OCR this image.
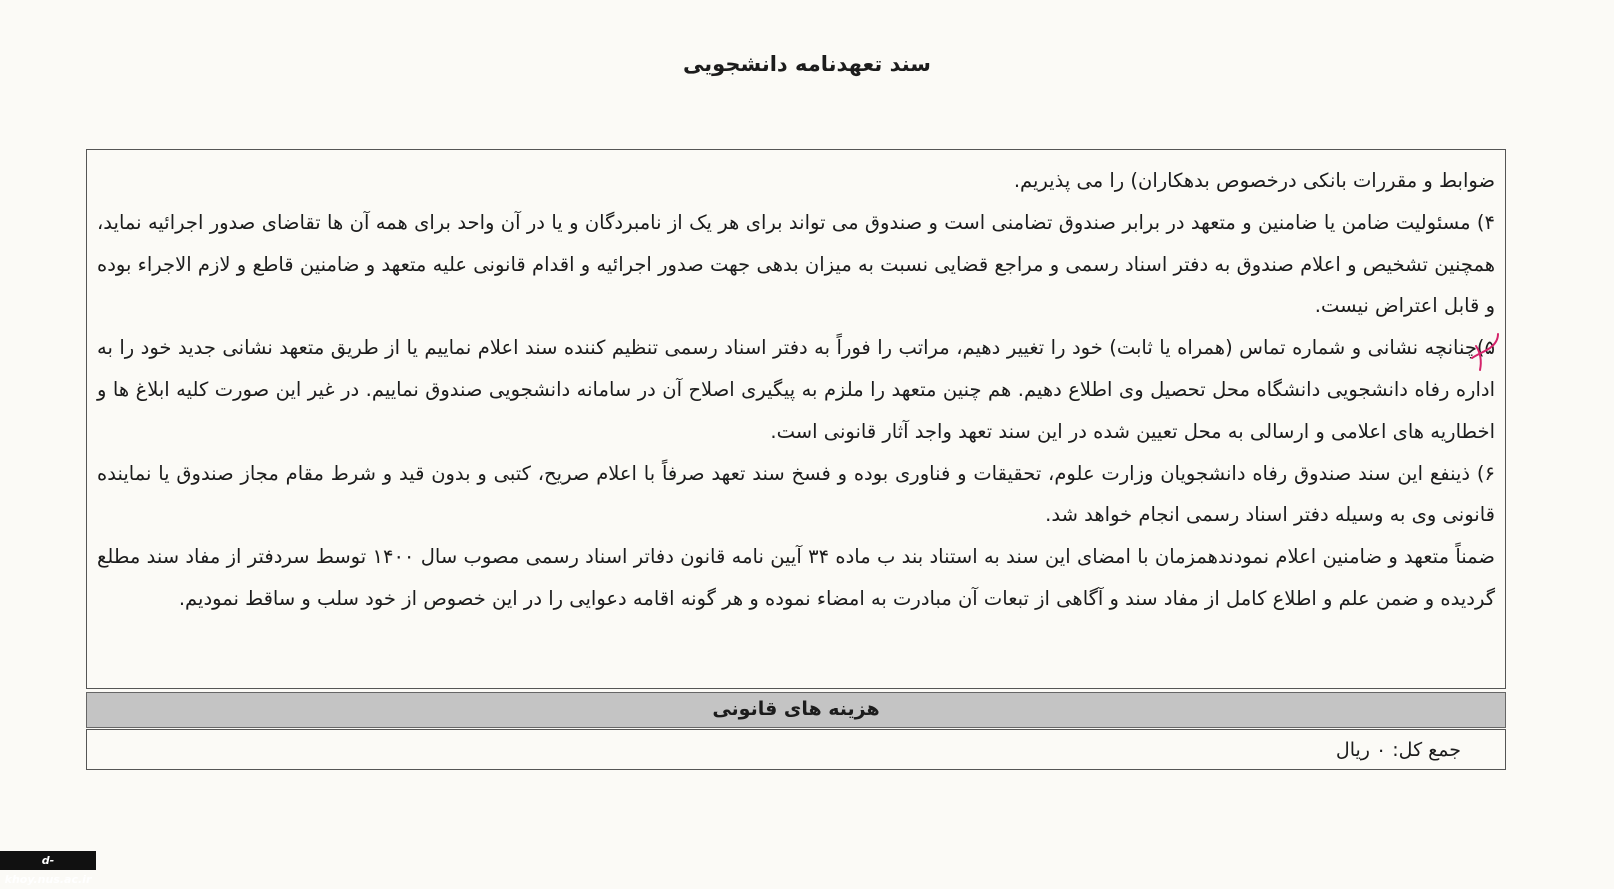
سند تعهدنامه دانشجویی

ضوابط و مقررات بانکی درخصوص بدهکاران) را می پذیریم.

۴) مسئولیت ضامن یا ضامنین و متعهد در برابر صندوق تضامنی است و صندوق می تواند برای هر یک از نامبردگان و یا در آن واحد برای همه آن ها تقاضای صدور اجرائیه نماید، همچنین تشخیص و اعلام صندوق به دفتر اسناد رسمی و مراجع قضایی نسبت به میزان بدهی جهت صدور اجرائیه و اقدام قانونی علیه متعهد و ضامنین قاطع و لازم الاجراء بوده و قابل اعتراض نیست.

۵)چنانچه نشانی و شماره تماس (همراه یا ثابت) خود را تغییر دهیم، مراتب را فوراً به دفتر اسناد رسمی تنظیم کننده سند اعلام نماییم یا از طریق متعهد نشانی جدید خود را به اداره رفاه دانشجویی دانشگاه محل تحصیل وی اطلاع دهیم. هم چنین متعهد را ملزم به پیگیری اصلاح آن در سامانه دانشجویی صندوق نماییم. در غیر این صورت کلیه ابلاغ ها و اخطاریه های اعلامی و ارسالی به محل تعیین شده در این سند تعهد واجد آثار قانونی است.

۶) ذینفع این سند صندوق رفاه دانشجویان وزارت علوم، تحقیقات و فناوری بوده و فسخ سند تعهد صرفاً با اعلام صریح، کتبی و بدون قید و شرط مقام مجاز صندوق یا نماینده قانونی وی به وسیله دفتر اسناد رسمی انجام خواهد شد.

ضمناً متعهد و ضامنین اعلام نمودندهمزمان با امضای این سند به استناد بند ب ماده ۳۴ آیین نامه قانون دفاتر اسناد رسمی مصوب سال ۱۴۰۰ توسط سردفتر از مفاد سند مطلع گردیده و ضمن علم و اطلاع کامل از مفاد سند و آگاهی از تبعات آن مبادرت به امضاء نموده و هر گونه اقامه دعوایی را در این خصوص از خود سلب و ساقط نمودیم.

هزینه های قانونی
جمع کل: ۰ ریال
d-khoy.nus.ac.ir
